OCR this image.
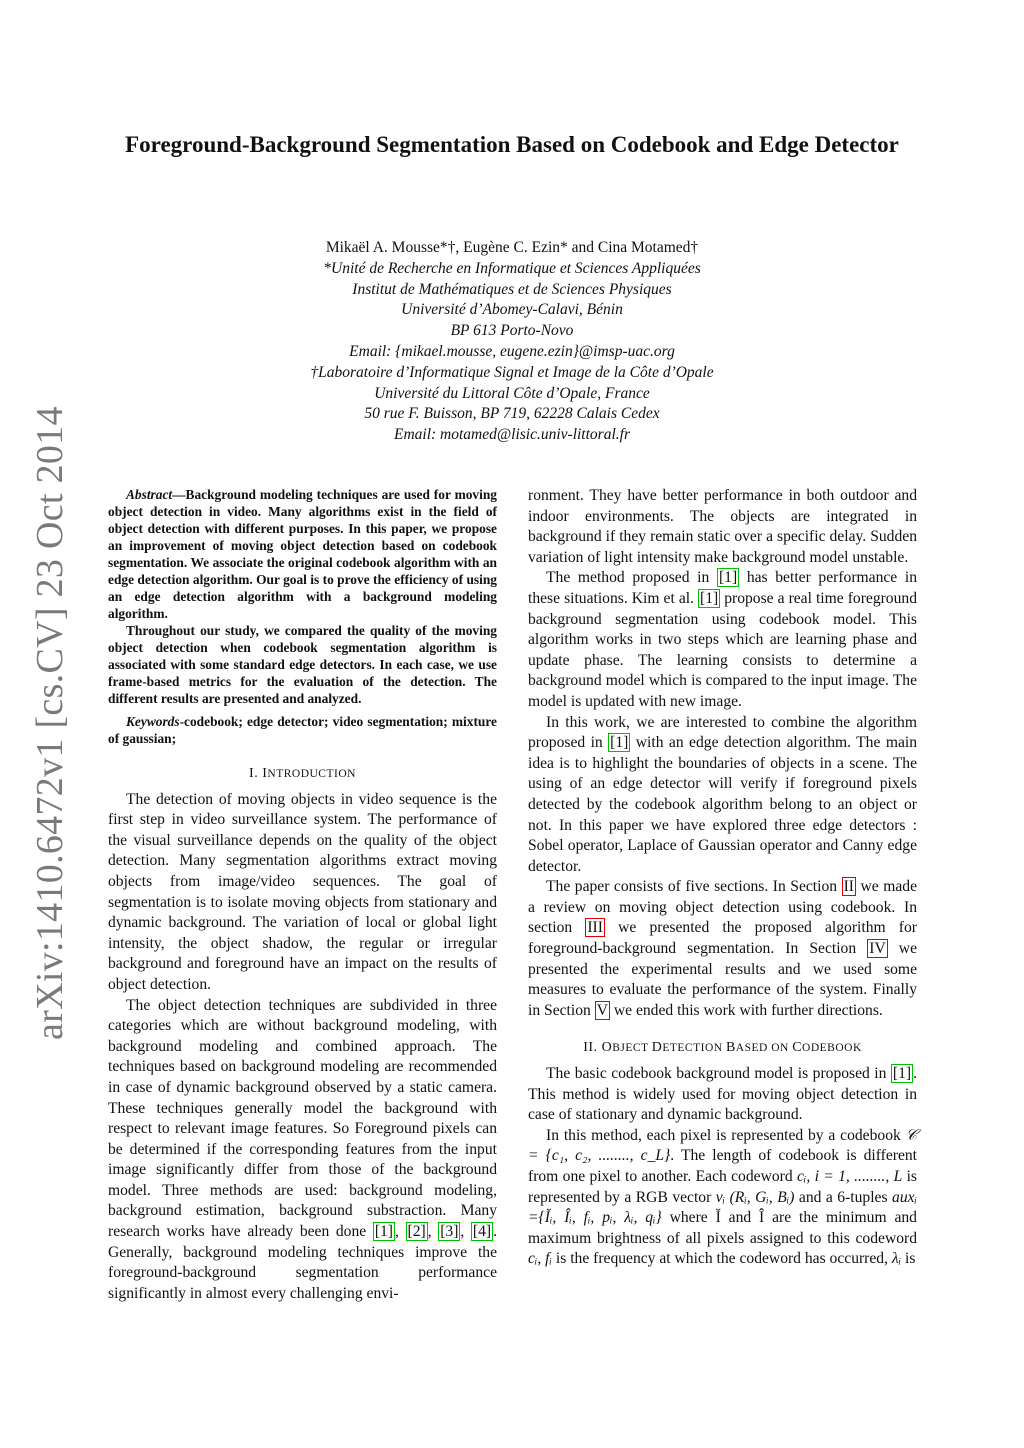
Foreground-Background Segmentation Based on Codebook and Edge Detector
Mikaël A. Mousse*†, Eugène C. Ezin* and Cina Motamed†
*Unité de Recherche en Informatique et Sciences Appliquées
Institut de Mathématiques et de Sciences Physiques
Université d’Abomey-Calavi, Bénin
BP 613 Porto-Novo
Email: {mikael.mousse, eugene.ezin}@imsp-uac.org
†Laboratoire d’Informatique Signal et Image de la Côte d’Opale
Université du Littoral Côte d’Opale, France
50 rue F. Buisson, BP 719, 62228 Calais Cedex
Email: motamed@lisic.univ-littoral.fr
arXiv:1410.6472v1 [cs.CV] 23 Oct 2014	Abstract—Background modeling techniques are used for moving object detection in video. Many algorithms exist in the field of object detection with different purposes. In this paper, we propose an improvement of moving object detection based on codebook segmentation. We associate the original codebook algorithm with an edge detection algorithm. Our goal is to prove the efficiency of using an edge detection algorithm with a background modeling algorithm.

Throughout our study, we compared the quality of the moving object detection when codebook segmentation algorithm is associated with some standard edge detectors. In each case, we use frame-based metrics for the evaluation of the detection. The different results are presented and analyzed.

Keywords-codebook; edge detector; video segmentation; mixture of gaussian;

I. INTRODUCTION

The detection of moving objects in video sequence is the first step in video surveillance system. The performance of the visual surveillance depends on the quality of the object detection. Many segmentation algorithms extract moving objects from image/video sequences. The goal of segmentation is to isolate moving objects from stationary and dynamic background. The variation of local or global light intensity, the object shadow, the regular or irregular background and foreground have an impact on the results of object detection.

The object detection techniques are subdivided in three categories which are without background modeling, with background modeling and combined approach. The techniques based on background modeling are recommended in case of dynamic background observed by a static camera. These techniques generally model the background with respect to relevant image features. So Foreground pixels can be determined if the corresponding features from the input image significantly differ from those of the background model. Three methods are used: background modeling, background estimation, background substraction. Many research works have already been done [1] , [2] , [3] , [4] . Generally, background modeling techniques improve the foreground-background segmentation performance significantly in almost every challenging envi-

ronment. They have better performance in both outdoor and indoor environments. The objects are integrated in background if they remain static over a specific delay. Sudden variation of light intensity make background model unstable.

The method proposed in [1] has better performance in these situations. Kim et al. [1] propose a real time foreground background segmentation using codebook model. This algorithm works in two steps which are learning phase and update phase. The learning consists to determine a background model which is compared to the input image. The model is updated with new image.

In this work, we are interested to combine the algorithm proposed in [1] with an edge detection algorithm. The main idea is to highlight the boundaries of objects in a scene. The using of an edge detector will verify if foreground pixels detected by the codebook algorithm belong to an object or not. In this paper we have explored three edge detectors : Sobel operator, Laplace of Gaussian operator and Canny edge detector.

The paper consists of five sections. In Section II we made a review on moving object detection using codebook. In section III we presented the proposed algorithm for foreground-background segmentation. In Section IV we presented the experimental results and we used some measures to evaluate the performance of the system. Finally in Section V we ended this work with further directions.

II. OBJECT DETECTION BASED ON CODEBOOK

The basic codebook background model is proposed in [1] . This method is widely used for moving object detection in case of stationary and dynamic background.

In this method, each pixel is represented by a codebook 𝒞 = {c₁, c₂, ........, c_L}. The length of codebook is different from one pixel to another. Each codeword cᵢ, i = 1, ........, L is represented by a RGB vector vᵢ (Rᵢ, Gᵢ, Bᵢ) and a 6-tuples auxᵢ ={Ĭᵢ, Îᵢ, fᵢ, pᵢ, λᵢ, qᵢ} where Ĭ and Î are the minimum and maximum brightness of all pixels assigned to this codeword cᵢ, fᵢ is the frequency at which the codeword has occurred, λᵢ is
